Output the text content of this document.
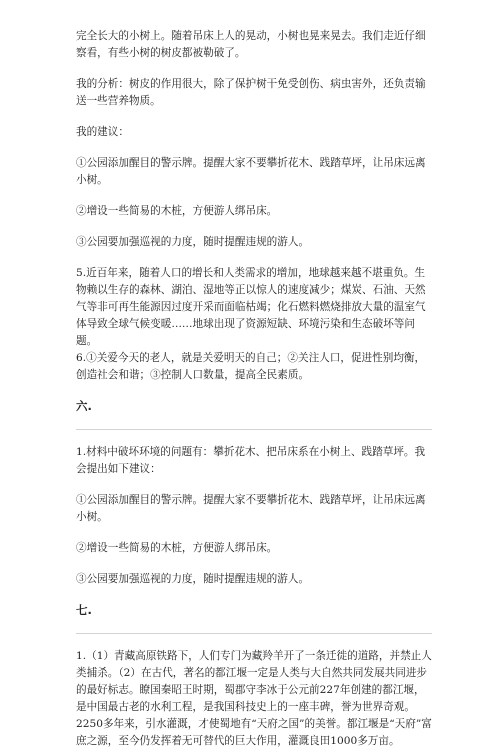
完全长大的小树上。随着吊床上人的晃动，小树也晃来晃去。我们走近仔细察看，有些小树的树皮都被勒破了。

我的分析：树皮的作用很大，除了保护树干免受创伤、病虫害外，还负责输送一些营养物质。

我的建议：

①公园添加醒目的警示牌。提醒大家不要攀折花木、践踏草坪，让吊床远离小树。

②增设一些简易的木桩，方便游人绑吊床。

③公园要加强巡视的力度，随时提醒违规的游人。

5.近百年来，随着人口的增长和人类需求的增加，地球越来越不堪重负。生物赖以生存的森林、湖泊、湿地等正以惊人的速度减少；煤炭、石油、天然气等非可再生能源因过度开采而面临枯竭；化石燃料燃烧排放大量的温室气体导致全球气候变暖……地球出现了资源短缺、环境污染和生态破坏等问题。

6.①关爱今天的老人，就是关爱明天的自己；②关注人口，促进性别均衡，创造社会和谐；③控制人口数量，提高全民素质。

六.

1.材料中破坏环境的问题有：攀折花木、把吊床系在小树上、践踏草坪。我会提出如下建议：

①公园添加醒目的警示牌。提醒大家不要攀折花木、践踏草坪，让吊床远离小树。

②增设一些简易的木桩，方便游人绑吊床。

③公园要加强巡视的力度，随时提醒违规的游人。

七.

1.（1）青藏高原铁路下，人们专门为藏羚羊开了一条迁徙的道路，并禁止人类捕杀。（2）在古代，著名的都江堰一定是人类与大自然共同发展共同进步的最好标志。瞭国秦昭王时期，蜀郡守李冰于公元前227年创建的都江堰，是中国最古老的水利工程，是我国科技史上的一座丰碑，誉为世界奇观。2250多年来，引水灌溉，才使蜀地有“天府之国”的美誉。都江堰是“天府”富庶之源，至今仍发挥着无可替代的巨大作用，灌溉良田1000多万亩。
